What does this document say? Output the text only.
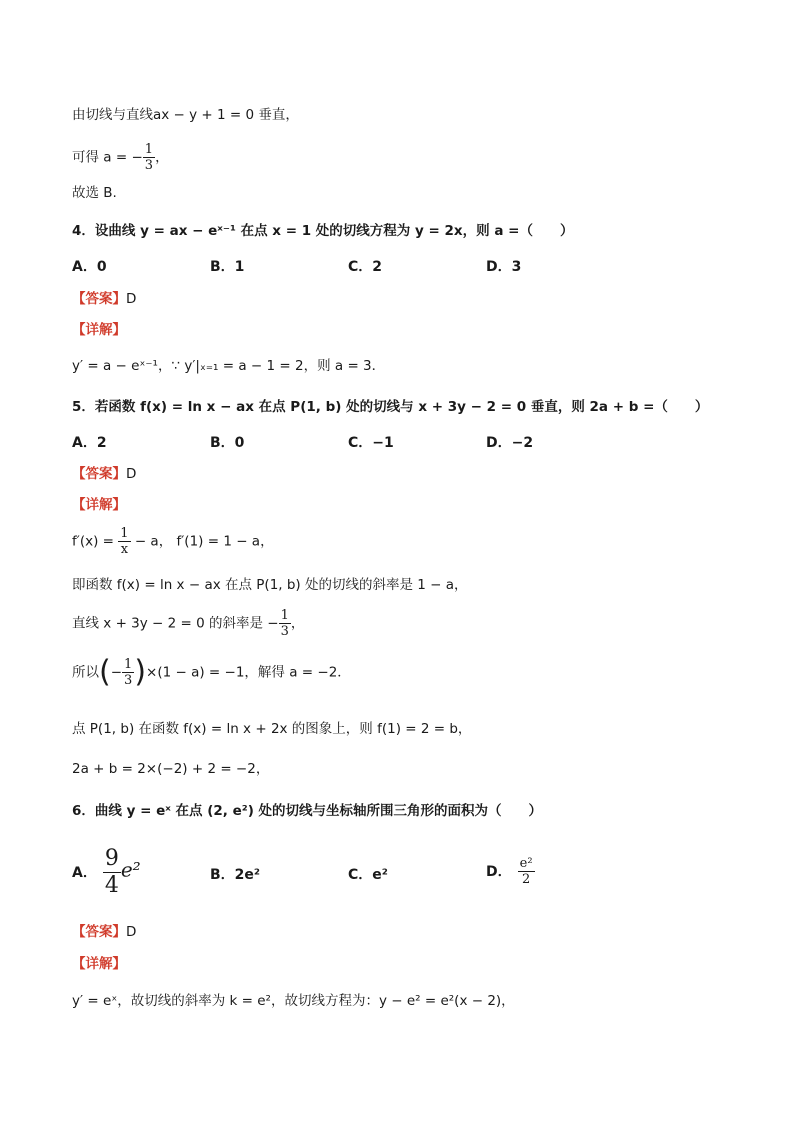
由切线与直线ax − y + 1 = 0 垂直，
可得 a = − $\frac{1}{3}$ ，
故选 B.
4．设曲线 y = ax − eˣ⁻¹ 在点 x = 1 处的切线方程为 y = 2x，则 a =（　　）
A．0	B．1	C．2	D．3
【答案】D
【详解】
y′ = a − eˣ⁻¹，∵ y′|ₓ₌₁ = a − 1 = 2，则 a = 3．
5．若函数 f(x) = ln x − ax 在点 P(1, b) 处的切线与 x + 3y − 2 = 0 垂直，则 2a + b =（　　）
A．2	B．0	C．−1	D．−2
【答案】D
【详解】
$f'(x) = \frac{1}{x} - a$， f′(1) = 1 − a，
即函数 f(x) = ln x − ax 在点 P(1, b) 处的切线的斜率是 1 − a，
直线 x + 3y − 2 = 0 的斜率是 − $\frac{1}{3}$ ，
所以(− $\frac{1}{3} )\times(1 - a) = -1$，解得 a = −2．
点 P(1, b) 在函数 f(x) = ln x + 2x 的图象上，则 f(1) = 2 = b，
2a + b = 2×(−2) + 2 = −2，
6．曲线 y = eˣ 在点 (2, e²) 处的切线与坐标轴所围三角形的面积为（　　）
A． $\frac{9}{4} e^2$	B．2e²	C．e²	D． $\frac{\text{e²}}{2}$
【答案】D
【详解】
y′ = eˣ，故切线的斜率为 k = e²，故切线方程为：y − e² = e²(x − 2)，
